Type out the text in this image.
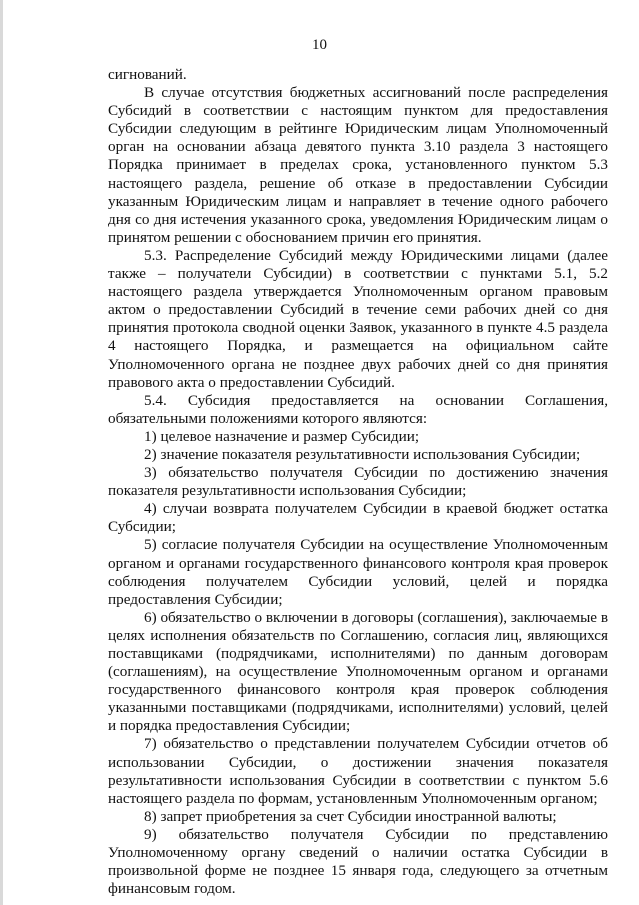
10

сигнований.

В случае отсутствия бюджетных ассигнований после распределения Субсидий в соответствии с настоящим пунктом для предоставления Субсидии следующим в рейтинге Юридическим лицам Уполномоченный орган на основании абзаца девятого пункта 3.10 раздела 3 настоящего Порядка принимает в пределах срока, установленного пунктом 5.3 настоящего раздела, решение об отказе в предоставлении Субсидии указанным Юридическим лицам и направляет в течение одного рабочего дня со дня истечения указанного срока, уведомления Юридическим лицам о принятом решении с обоснованием причин его принятия.

5.3. Распределение Субсидий между Юридическими лицами (далее также – получатели Субсидии) в соответствии с пунктами 5.1, 5.2 настоящего раздела утверждается Уполномоченным органом правовым актом о предоставлении Субсидий в течение семи рабочих дней со дня принятия протокола сводной оценки Заявок, указанного в пункте 4.5 раздела 4 настоящего Порядка, и размещается на официальном сайте Уполномоченного органа не позднее двух рабочих дней со дня принятия правового акта о предоставлении Субсидий.

5.4. Субсидия предоставляется на основании Соглашения, обязательными положениями которого являются:

1) целевое назначение и размер Субсидии;

2) значение показателя результативности использования Субсидии;

3) обязательство получателя Субсидии по достижению значения показателя результативности использования Субсидии;

4) случаи возврата получателем Субсидии в краевой бюджет остатка Субсидии;

5) согласие получателя Субсидии на осуществление Уполномоченным органом и органами государственного финансового контроля края проверок соблюдения получателем Субсидии условий, целей и порядка предоставления Субсидии;

6) обязательство о включении в договоры (соглашения), заключаемые в целях исполнения обязательств по Соглашению, согласия лиц, являющихся поставщиками (подрядчиками, исполнителями) по данным договорам (соглашениям), на осуществление Уполномоченным органом и органами государственного финансового контроля края проверок соблюдения указанными поставщиками (подрядчиками, исполнителями) условий, целей и порядка предоставления Субсидии;

7) обязательство о представлении получателем Субсидии отчетов об использовании Субсидии, о достижении значения показателя результативности использования Субсидии в соответствии с пунктом 5.6 настоящего раздела по формам, установленным Уполномоченным органом;

8) запрет приобретения за счет Субсидии иностранной валюты;

9) обязательство получателя Субсидии по представлению Уполномоченному органу сведений о наличии остатка Субсидии в произвольной форме не позднее 15 января года, следующего за отчетным финансовым годом.
